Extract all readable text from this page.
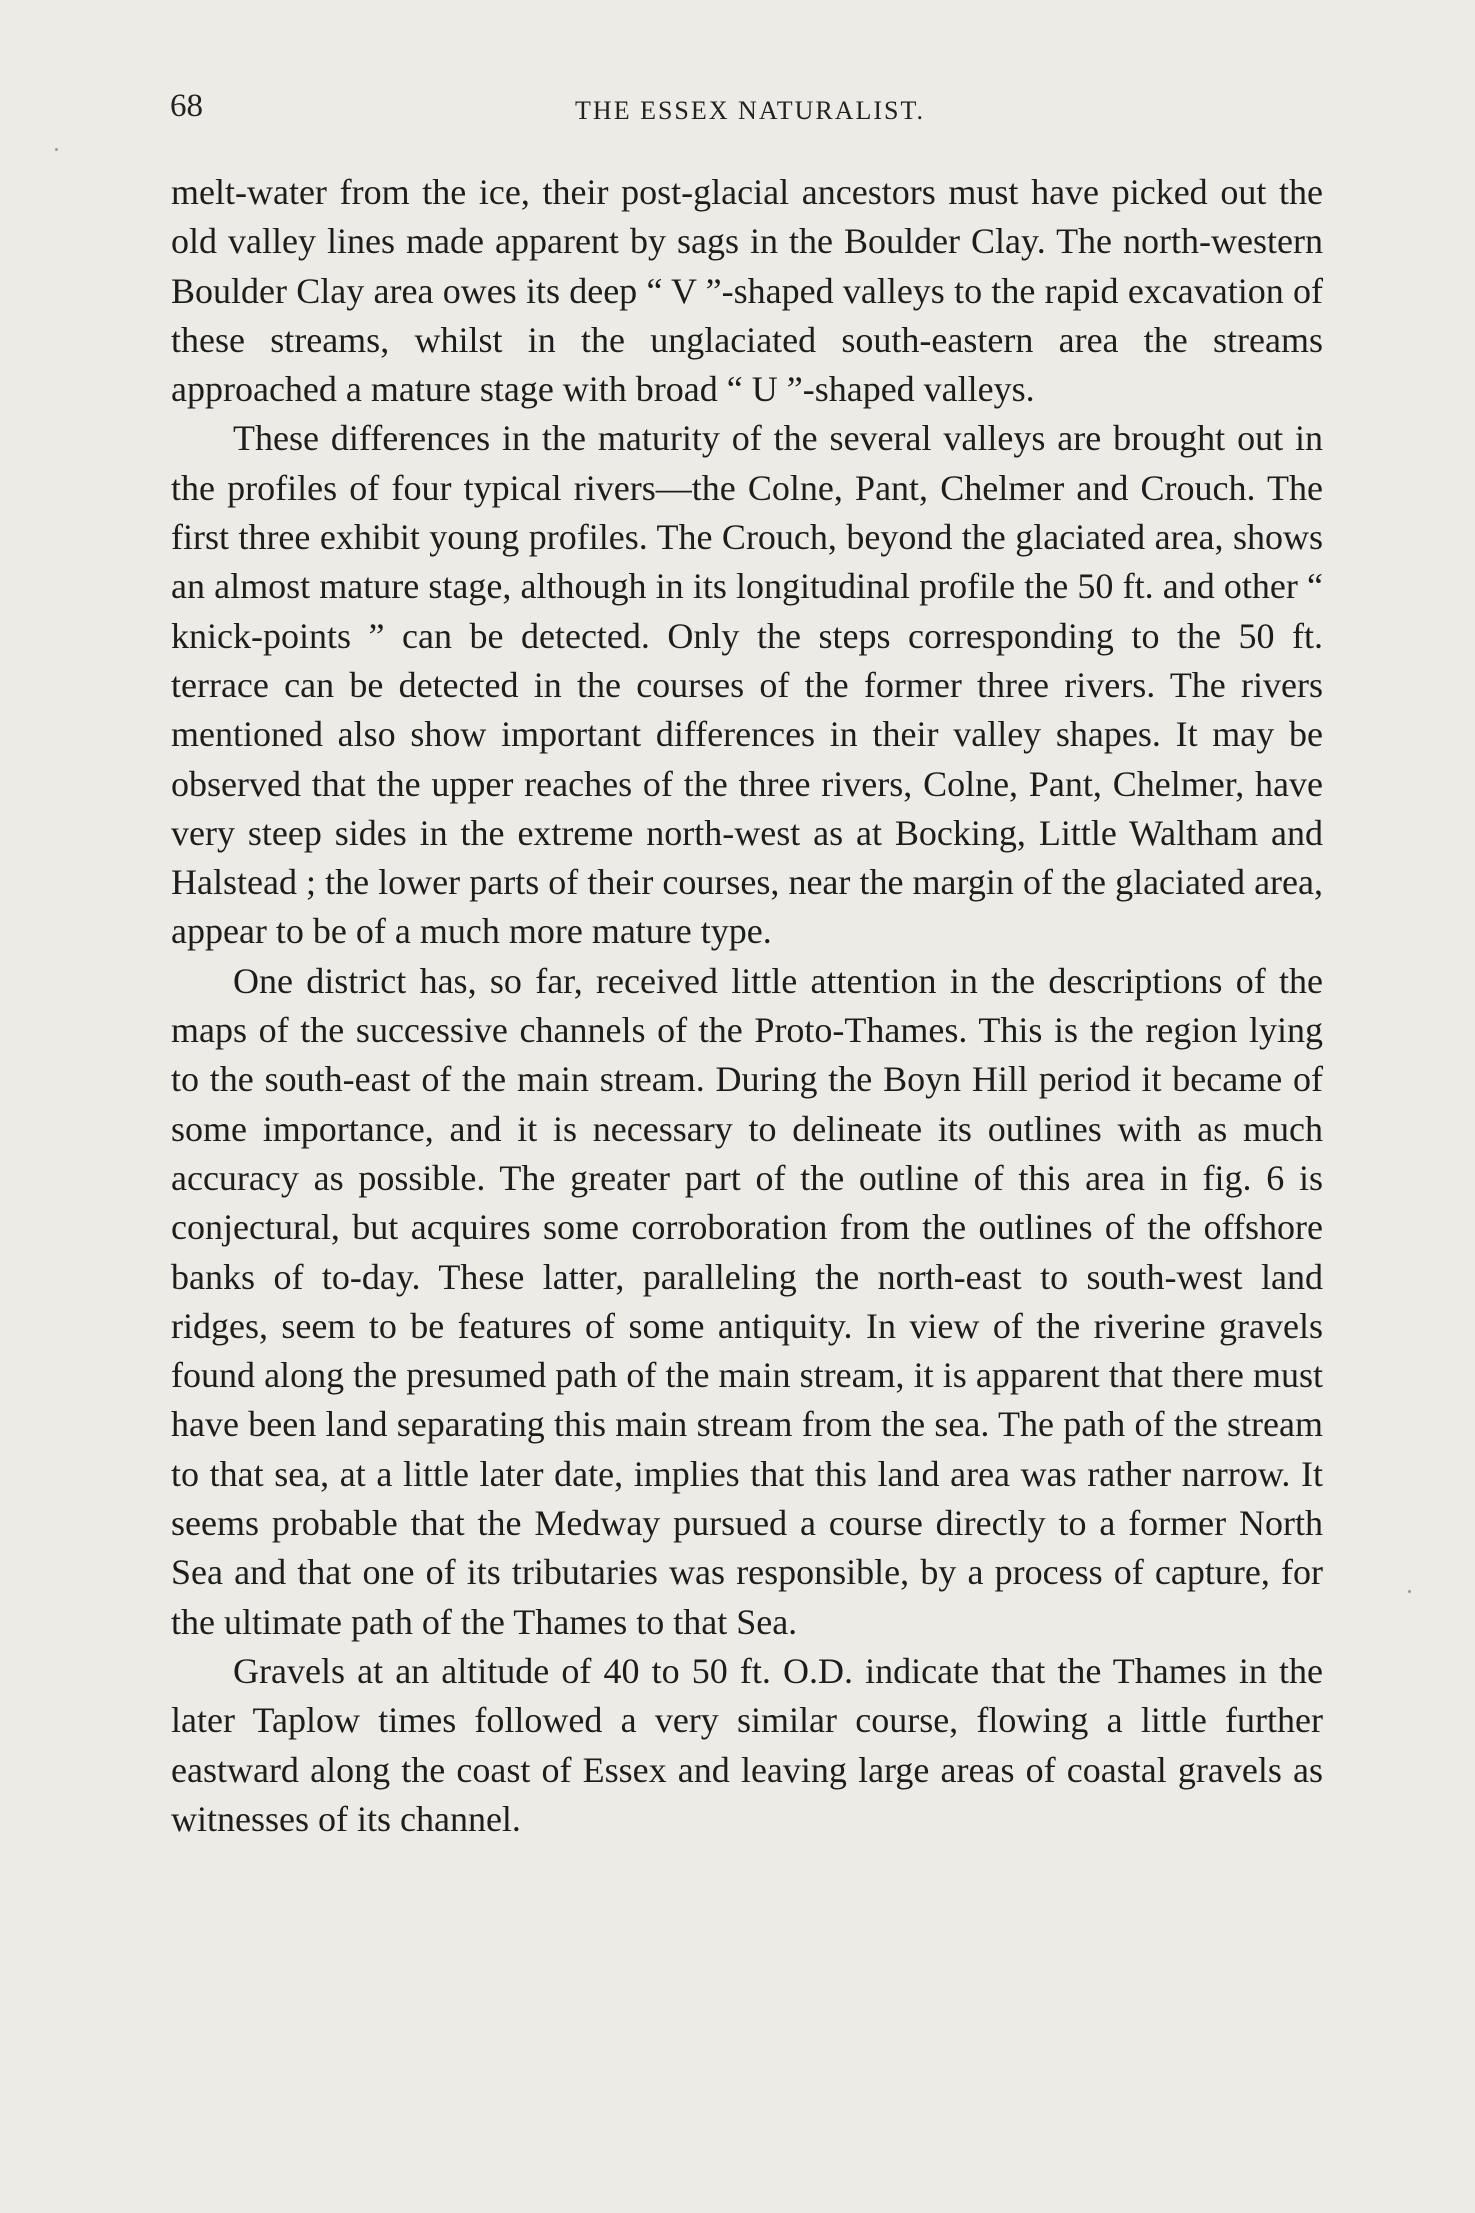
68	THE ESSEX NATURALIST.

melt-water from the ice, their post-glacial ancestors must have picked out the old valley lines made apparent by sags in the Boulder Clay. The north-western Boulder Clay area owes its deep “ V ”-shaped valleys to the rapid excavation of these streams, whilst in the unglaciated south-eastern area the streams approached a mature stage with broad “ U ”-shaped valleys.

These differences in the maturity of the several valleys are brought out in the profiles of four typical rivers—the Colne, Pant, Chelmer and Crouch. The first three exhibit young profiles. The Crouch, beyond the glaciated area, shows an almost mature stage, although in its longitudinal profile the 50 ft. and other “ knick-points ” can be detected. Only the steps corresponding to the 50 ft. terrace can be detected in the courses of the former three rivers. The rivers mentioned also show important differences in their valley shapes. It may be observed that the upper reaches of the three rivers, Colne, Pant, Chelmer, have very steep sides in the extreme north-west as at Bocking, Little Waltham and Halstead ; the lower parts of their courses, near the margin of the glaciated area, appear to be of a much more mature type.

One district has, so far, received little attention in the descriptions of the maps of the successive channels of the Proto-Thames. This is the region lying to the south-east of the main stream. During the Boyn Hill period it became of some importance, and it is necessary to delineate its outlines with as much accuracy as possible. The greater part of the outline of this area in fig. 6 is conjectural, but acquires some corroboration from the outlines of the offshore banks of to-day. These latter, paralleling the north-east to south-west land ridges, seem to be features of some antiquity. In view of the riverine gravels found along the presumed path of the main stream, it is apparent that there must have been land separating this main stream from the sea. The path of the stream to that sea, at a little later date, implies that this land area was rather narrow. It seems probable that the Medway pursued a course directly to a former North Sea and that one of its tributaries was responsible, by a process of capture, for the ultimate path of the Thames to that Sea.

Gravels at an altitude of 40 to 50 ft. O.D. indicate that the Thames in the later Taplow times followed a very similar course, flowing a little further eastward along the coast of Essex and leaving large areas of coastal gravels as witnesses of its channel.
